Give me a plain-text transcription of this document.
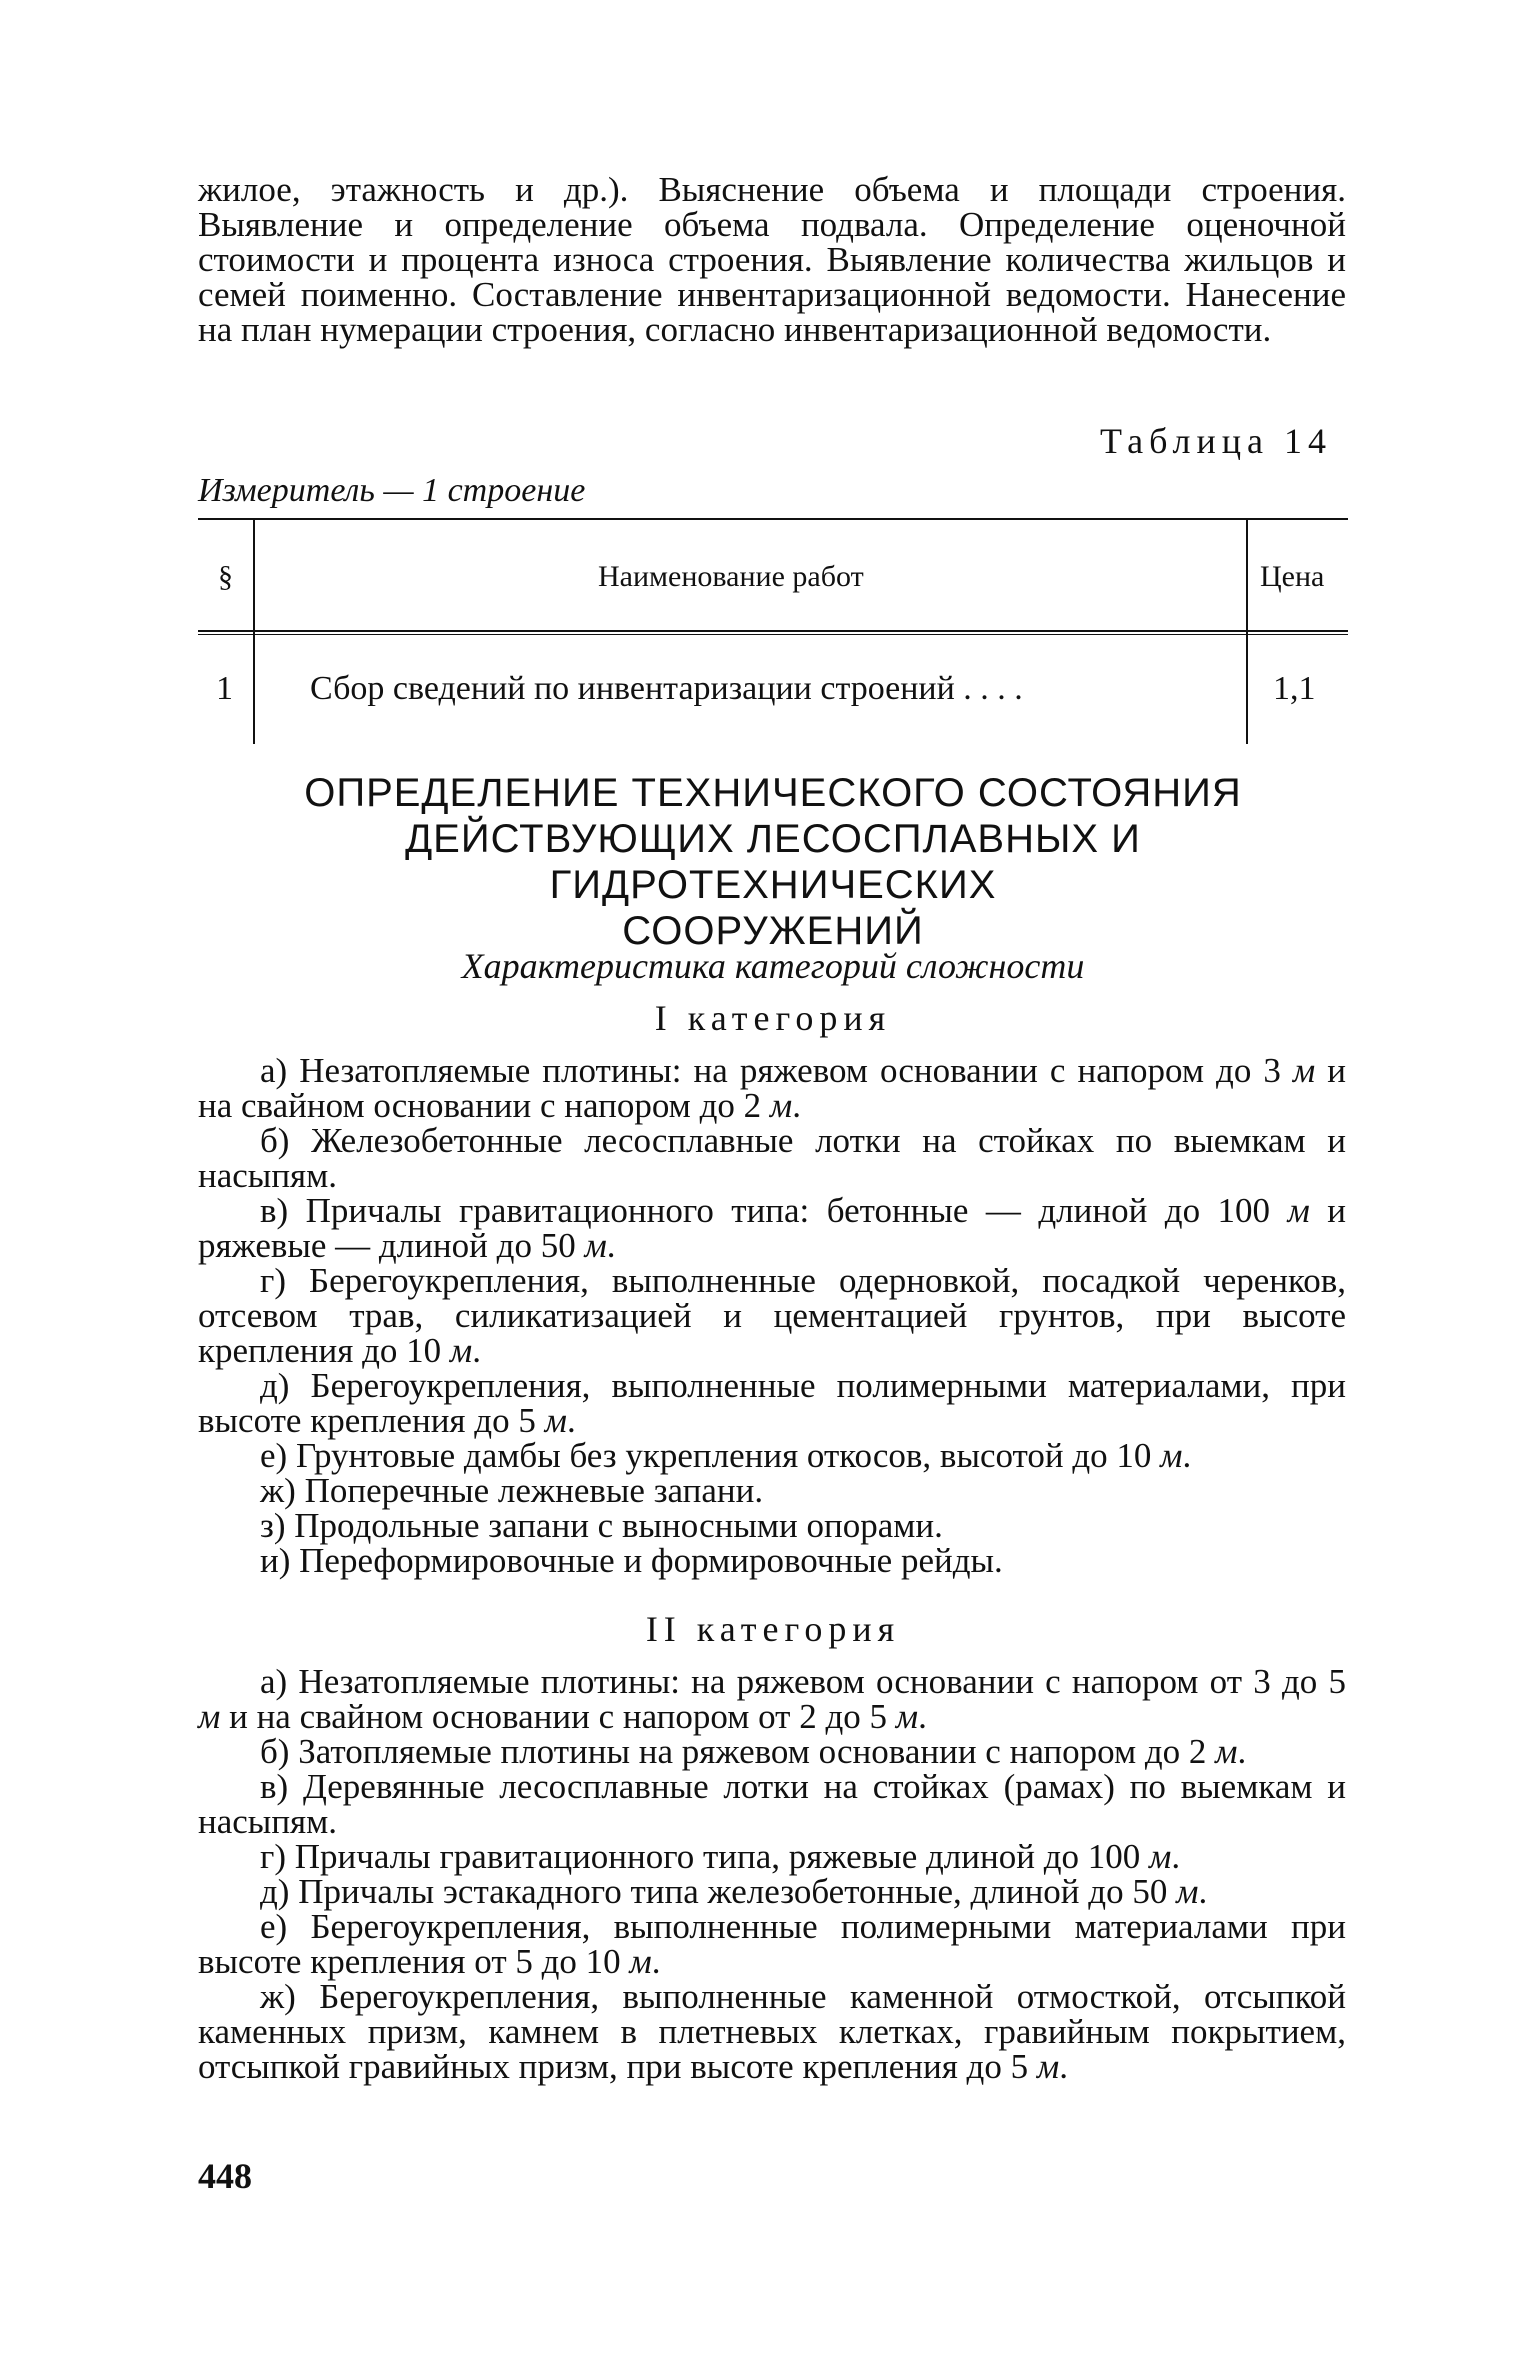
жилое, этажность и др.). Выяснение объема и площади строения. Выявление и определение объема подвала. Определение оценочной стоимости и процента износа строения. Выявление количества жильцов и семей поименно. Составление инвентаризационной ведомости. Нанесение на план нумерации строения, согласно инвентаризационной ведомости.

Таблица 14
Измеритель — 1 строение
§	Наименование работ	Цена
1 Сбор сведений по инвентаризации строений . . . .	1,1
ОПРЕДЕЛЕНИЕ ТЕХНИЧЕСКОГО СОСТОЯНИЯ
ДЕЙСТВУЮЩИХ ЛЕСОСПЛАВНЫХ И ГИДРОТЕХНИЧЕСКИХ
СООРУЖЕНИЙ
Характеристика категорий сложности
I категория

а) Незатопляемые плотины: на ряжевом основании с напором до 3 м и на свайном основании с напором до 2 м.

б) Железобетонные лесосплавные лотки на стойках по выемкам и насыпям.

в) Причалы гравитационного типа: бетонные — длиной до 100 м и ряжевые — длиной до 50 м.

г) Берегоукрепления, выполненные одерновкой, посадкой черенков, отсевом трав, силикатизацией и цементацией грунтов, при высоте крепления до 10 м.

д) Берегоукрепления, выполненные полимерными материалами, при высоте крепления до 5 м.

е) Грунтовые дамбы без укрепления откосов, высотой до 10 м.

ж) Поперечные лежневые запани.

з) Продольные запани с выносными опорами.

и) Переформировочные и формировочные рейды.

II категория

а) Незатопляемые плотины: на ряжевом основании с напором от 3 до 5 м и на свайном основании с напором от 2 до 5 м.

б) Затопляемые плотины на ряжевом основании с напором до 2 м.

в) Деревянные лесосплавные лотки на стойках (рамах) по выемкам и насыпям.

г) Причалы гравитационного типа, ряжевые длиной до 100 м.

д) Причалы эстакадного типа железобетонные, длиной до 50 м.

е) Берегоукрепления, выполненные полимерными материалами при высоте крепления от 5 до 10 м.

ж) Берегоукрепления, выполненные каменной отмосткой, отсыпкой каменных призм, камнем в плетневых клетках, гравийным покрытием, отсыпкой гравийных призм, при высоте крепления до 5 м.

448
